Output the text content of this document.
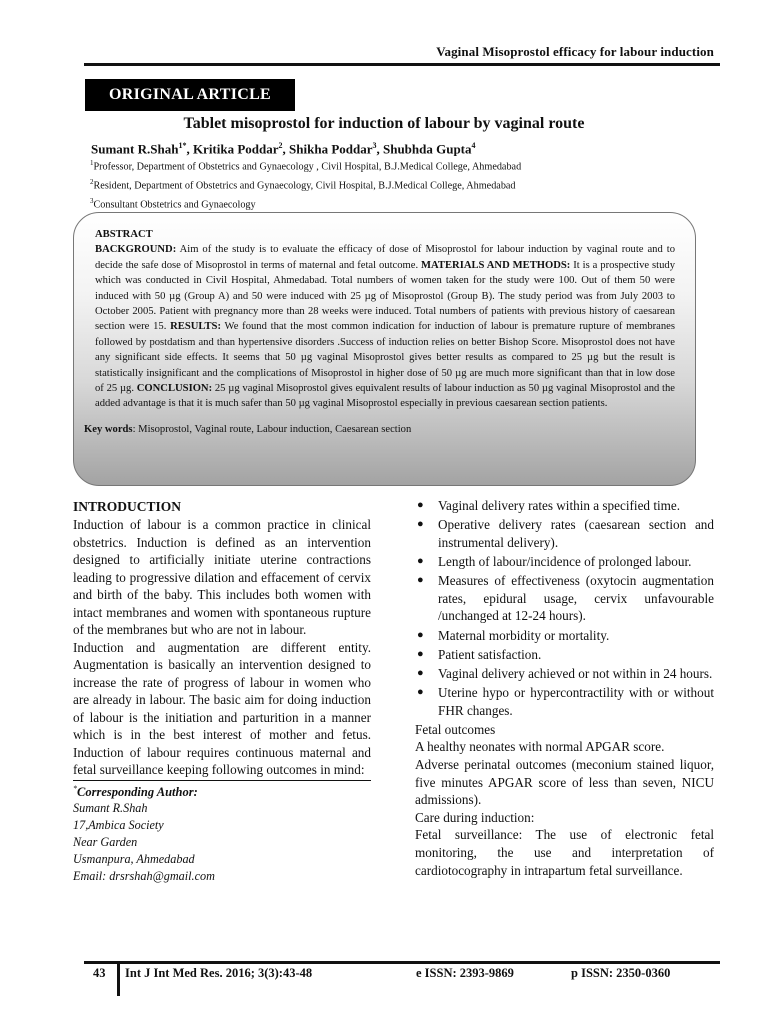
Vaginal Misoprostol efficacy for labour induction
ORIGINAL ARTICLE
Tablet misoprostol for induction of labour by vaginal route
Sumant R.Shah$^{1*}$, Kritika Poddar$^2$, Shikha Poddar$^3$, Shubhda Gupta$^4$
$^1$Professor, Department of Obstetrics and Gynaecology , Civil Hospital, B.J.Medical College, Ahmedabad
$^2$Resident, Department of Obstetrics and Gynaecology, Civil Hospital, B.J.Medical College, Ahmedabad
$^3$Consultant Obstetrics and Gynaecology
ABSTRACT
BACKGROUND: Aim of the study is to evaluate the efficacy of dose of Misoprostol for labour induction by vaginal route and to decide the safe dose of Misoprostol in terms of maternal and fetal outcome. MATERIALS AND METHODS: It is a prospective study which was conducted in Civil Hospital, Ahmedabad. Total numbers of women taken for the study were 100. Out of them 50 were induced with 50 µg (Group A) and 50 were induced with 25 µg of Misoprostol (Group B). The study period was from July 2003 to October 2005. Patient with pregnancy more than 28 weeks were induced. Total numbers of patients with previous history of caesarean section were 15. RESULTS: We found that the most common indication for induction of labour is premature rupture of membranes followed by postdatism and than hypertensive disorders .Success of induction relies on better Bishop Score. Misoprostol does not have any significant side effects. It seems that 50 µg vaginal Misoprostol gives better results as compared to 25 µg but the result is statistically insignificant and the complications of Misoprostol in higher dose of 50 µg are much more significant than that in low dose of 25 µg. CONCLUSION: 25 µg vaginal Misoprostol gives equivalent results of labour induction as 50 µg vaginal Misoprostol and the added advantage is that it is much safer than 50 µg vaginal Misoprostol especially in previous caesarean section patients.
Key words: Misoprostol, Vaginal route, Labour induction, Caesarean section
INTRODUCTION

Induction of labour is a common practice in clinical obstetrics. Induction is defined as an intervention designed to artificially initiate uterine contractions leading to progressive dilation and effacement of cervix and birth of the baby. This includes both women with intact membranes and women with spontaneous rupture of the membranes but who are not in labour.

Induction and augmentation are different entity. Augmentation is basically an intervention designed to increase the rate of progress of labour in women who are already in labour. The basic aim for doing induction of labour is the initiation and parturition in a manner which is in the best interest of mother and fetus. Induction of labour requires continuous maternal and fetal surveillance keeping following outcomes in mind:

*Corresponding Author:
Sumant R.Shah
17,Ambica Society
Near Garden
Usmanpura, Ahmedabad
Email: drsrshah@gmail.com
● Vaginal delivery rates within a specified time.
● Operative delivery rates (caesarean section and instrumental delivery).
● Length of labour/incidence of prolonged labour.
● Measures of effectiveness (oxytocin augmentation rates, epidural usage, cervix unfavourable /unchanged at 12-24 hours).
● Maternal morbidity or mortality.
● Patient satisfaction.
● Vaginal delivery achieved or not within in 24 hours.
● Uterine hypo or hypercontractility with or without FHR changes.

Fetal outcomes

A healthy neonates with normal APGAR score.

Adverse perinatal outcomes (meconium stained liquor, five minutes APGAR score of less than seven, NICU admissions).

Care during induction:

Fetal surveillance: The use of electronic fetal monitoring, the use and interpretation of cardiotocography in intrapartum fetal surveillance.

43 Int J Int Med Res. 2016; 3(3):43-48	e ISSN: 2393-9869	p ISSN: 2350-0360
